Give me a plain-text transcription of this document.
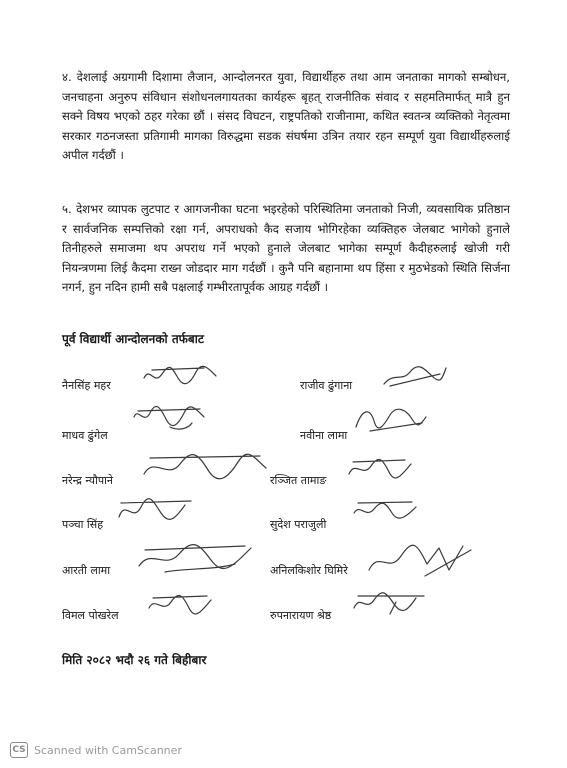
४. देशलाई अग्रगामी दिशामा लैजान, आन्दोलनरत युवा, विद्यार्थीहरु तथा आम जनताका मागको सम्बोधन, जनचाहना अनुरुप संविधान संशोधनलगायतका कार्यहरू बृहत् राजनीतिक संवाद र सहमतिमार्फत् मात्रै हुन सक्ने विषय भएको ठहर गरेका छौं । संसद विघटन, राष्ट्रपतिको राजीनामा, कथित स्वतन्त्र व्यक्तिको नेतृत्वमा सरकार गठनजस्ता प्रतिगामी मागका विरुद्धमा सडक संघर्षमा उत्रिन तयार रहन सम्पूर्ण युवा विद्यार्थीहरुलाई अपील गर्दछौं ।

५. देशभर व्यापक लुटपाट र आगजनीका घटना भइरहेको परिस्थितिमा जनताको निजी, व्यवसायिक प्रतिष्ठान र सार्वजनिक सम्पत्तिको रक्षा गर्न, अपराधको कैद सजाय भोगिरहेका व्यक्तिहरु जेलबाट भागेको हुनाले तिनीहरुले समाजमा थप अपराध गर्ने भएको हुनाले जेलबाट भागेका सम्पूर्ण कैदीहरुलाई खोजी गरी नियन्त्रणमा लिई कैदमा राख्न जोडदार माग गर्दछौं । कुनै पनि बहानामा थप हिंसा र मुठभेडको स्थिति सिर्जना नगर्न, हुन नदिन हामी सबै पक्षलाई गम्भीरतापूर्वक आग्रह गर्दछौं ।

पूर्व विद्यार्थी आन्दोलनको तर्फबाट

नैनसिंह महर	राजीव ढुंगाना
माधव ढुंगेल	नवीना लामा
नरेन्द्र न्यौपाने	रञ्जित तामाङ
पञ्चा सिंह	सुदेश पराजुली
आरती लामा	अनिलकिशोर घिमिरे
विमल पोखरेल	रुपनारायण श्रेष्ठ

मिति २०८२ भदौ २६ गते बिहीबार

CS Scanned with CamScanner
